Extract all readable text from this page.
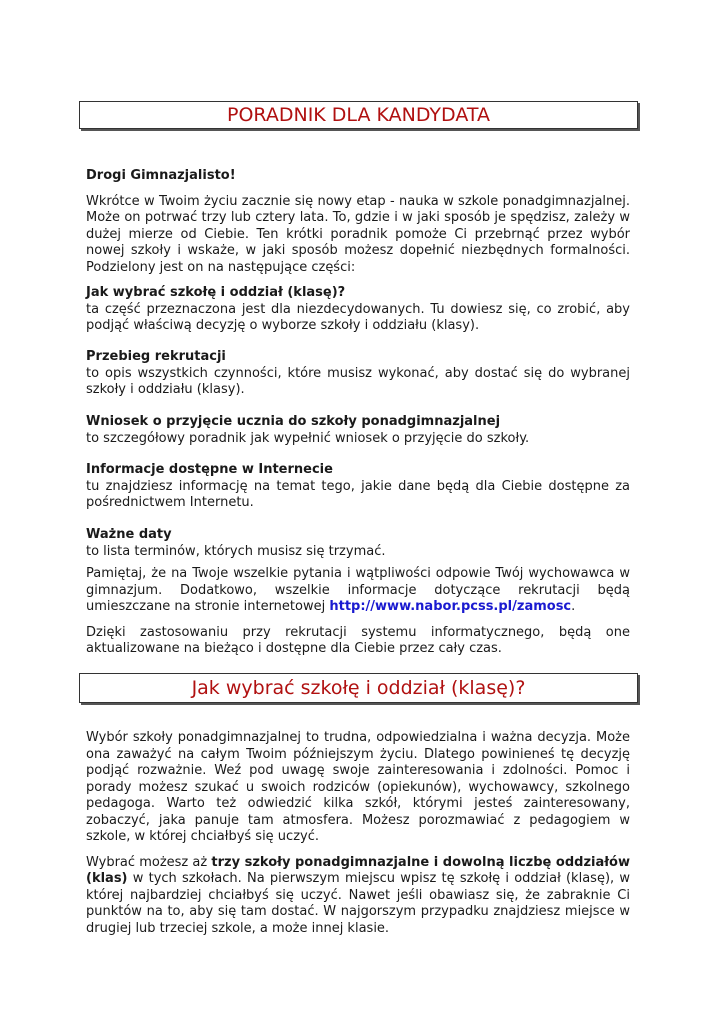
PORADNIK DLA KANDYDATA

Drogi Gimnazjalisto!

Wkrótce w Twoim życiu zacznie się nowy etap - nauka w szkole ponadgimnazjalnej. Może on potrwać trzy lub cztery lata. To, gdzie i w jaki sposób je spędzisz, zależy w dużej mierze od Ciebie. Ten krótki poradnik pomoże Ci przebrnąć przez wybór nowej szkoły i wskaże, w jaki sposób możesz dopełnić niezbędnych formalności. Podzielony jest on na następujące części:

Jak wybrać szkołę i oddział (klasę)?

ta część przeznaczona jest dla niezdecydowanych. Tu dowiesz się, co zrobić, aby podjąć właściwą decyzję o wyborze szkoły i oddziału (klasy).

Przebieg rekrutacji

to opis wszystkich czynności, które musisz wykonać, aby dostać się do wybranej szkoły i oddziału (klasy).

Wniosek o przyjęcie ucznia do szkoły ponadgimnazjalnej

to szczegółowy poradnik jak wypełnić wniosek o przyjęcie do szkoły.

Informacje dostępne w Internecie

tu znajdziesz informację na temat tego, jakie dane będą dla Ciebie dostępne za pośrednictwem Internetu.

Ważne daty

to lista terminów, których musisz się trzymać.

Pamiętaj, że na Twoje wszelkie pytania i wątpliwości odpowie Twój wychowawca w gimnazjum. Dodatkowo, wszelkie informacje dotyczące rekrutacji będą umieszczane na stronie internetowej http://www.nabor.pcss.pl/zamosc.

Dzięki zastosowaniu przy rekrutacji systemu informatycznego, będą one aktualizowane na bieżąco i dostępne dla Ciebie przez cały czas.

Jak wybrać szkołę i oddział (klasę)?

Wybór szkoły ponadgimnazjalnej to trudna, odpowiedzialna i ważna decyzja. Może ona zaważyć na całym Twoim późniejszym życiu. Dlatego powinieneś tę decyzję podjąć rozważnie. Weź pod uwagę swoje zainteresowania i zdolności. Pomoc i porady możesz szukać u swoich rodziców (opiekunów), wychowawcy, szkolnego pedagoga. Warto też odwiedzić kilka szkół, którymi jesteś zainteresowany, zobaczyć, jaka panuje tam atmosfera. Możesz porozmawiać z pedagogiem w szkole, w której chciałbyś się uczyć.

Wybrać możesz aż trzy szkoły ponadgimnazjalne i dowolną liczbę oddziałów (klas) w tych szkołach. Na pierwszym miejscu wpisz tę szkołę i oddział (klasę), w której najbardziej chciałbyś się uczyć. Nawet jeśli obawiasz się, że zabraknie Ci punktów na to, aby się tam dostać. W najgorszym przypadku znajdziesz miejsce w drugiej lub trzeciej szkole, a może innej klasie.
